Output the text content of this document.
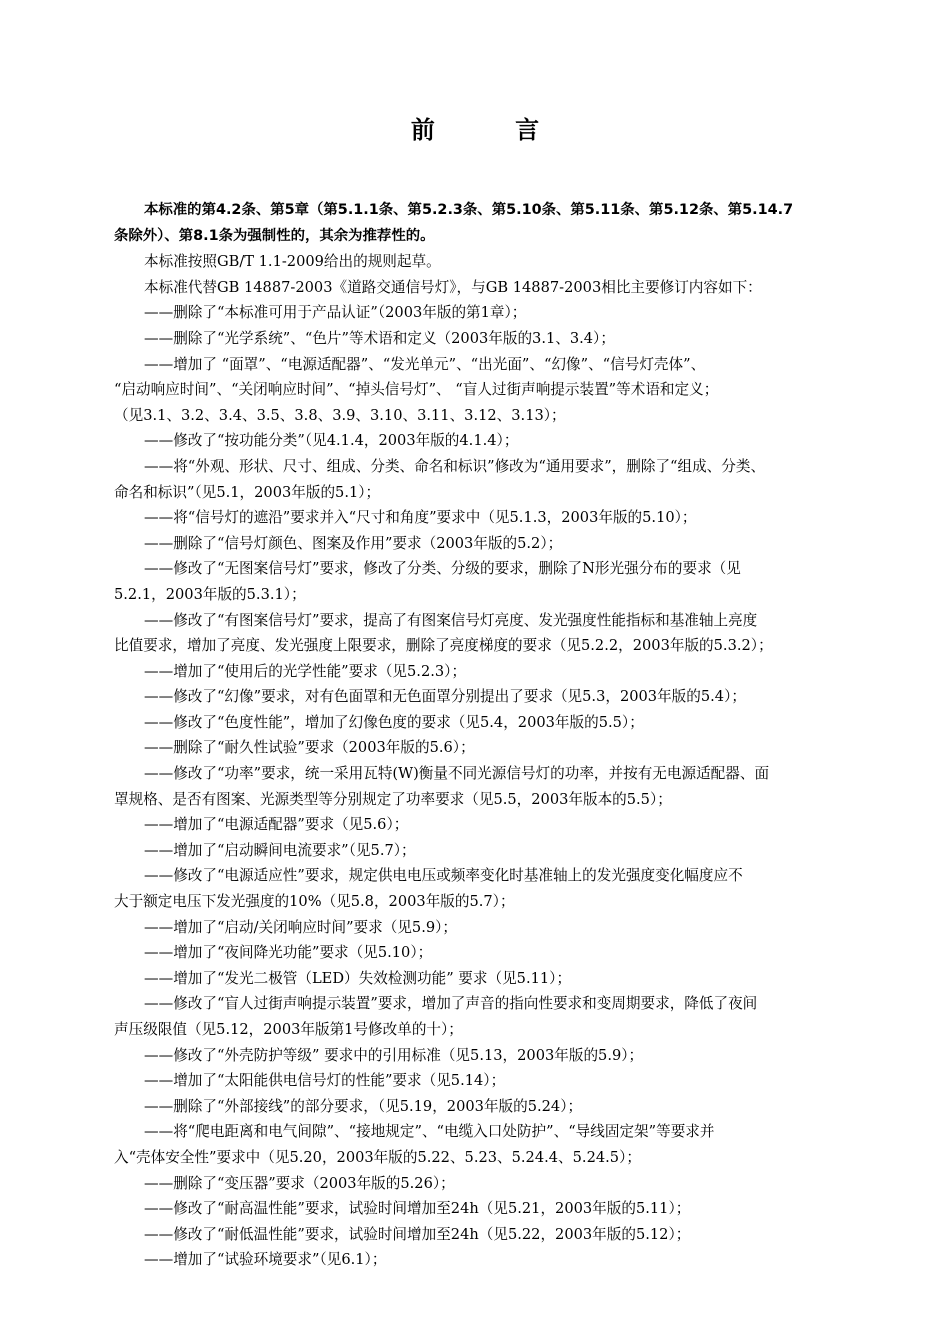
前 言

本标准的第4.2条、第5章（第5.1.1条、第5.2.3条、第5.10条、第5.11条、第5.12条、第5.14.7

条除外）、第8.1条为强制性的，其余为推荐性的。

本标准按照GB/T 1.1-2009给出的规则起草。

本标准代替GB 14887-2003《道路交通信号灯》，与GB 14887-2003相比主要修订内容如下：

——删除了“本标准可用于产品认证”（2003年版的第1章）；

——删除了“光学系统”、“色片”等术语和定义（2003年版的3.1、3.4）；

——增加了 “面罩”、“电源适配器”、“发光单元”、“出光面”、“幻像”、“信号灯壳体”、

“启动响应时间”、“关闭响应时间”、“掉头信号灯”、 “盲人过街声响提示装置”等术语和定义；

（见3.1、3.2、3.4、3.5、3.8、3.9、3.10、3.11、3.12、3.13）；

——修改了“按功能分类”（见4.1.4，2003年版的4.1.4）；

——将“外观、形状、尺寸、组成、分类、命名和标识”修改为“通用要求”，删除了“组成、分类、

命名和标识”（见5.1，2003年版的5.1）；

——将“信号灯的遮沿”要求并入“尺寸和角度”要求中（见5.1.3，2003年版的5.10）；

——删除了“信号灯颜色、图案及作用”要求（2003年版的5.2）；

——修改了“无图案信号灯”要求，修改了分类、分级的要求，删除了N形光强分布的要求（见

5.2.1，2003年版的5.3.1）；

——修改了“有图案信号灯”要求，提高了有图案信号灯亮度、发光强度性能指标和基准轴上亮度

比值要求，增加了亮度、发光强度上限要求，删除了亮度梯度的要求（见5.2.2，2003年版的5.3.2）；

——增加了“使用后的光学性能”要求（见5.2.3）；

——修改了“幻像”要求，对有色面罩和无色面罩分别提出了要求（见5.3，2003年版的5.4）；

——修改了“色度性能”，增加了幻像色度的要求（见5.4，2003年版的5.5）；

——删除了“耐久性试验”要求（2003年版的5.6）；

——修改了“功率”要求，统一采用瓦特(W)衡量不同光源信号灯的功率，并按有无电源适配器、面

罩规格、是否有图案、光源类型等分别规定了功率要求（见5.5，2003年版本的5.5）；

——增加了“电源适配器”要求（见5.6）；

——增加了“启动瞬间电流要求”（见5.7）；

——修改了“电源适应性”要求，规定供电电压或频率变化时基准轴上的发光强度变化幅度应不

大于额定电压下发光强度的10%（见5.8，2003年版的5.7）；

——增加了“启动/关闭响应时间”要求（见5.9）；

——增加了“夜间降光功能”要求（见5.10）；

——增加了“发光二极管（LED）失效检测功能” 要求（见5.11）；

——修改了“盲人过街声响提示装置”要求，增加了声音的指向性要求和变周期要求，降低了夜间

声压级限值（见5.12，2003年版第1号修改单的十）；

——修改了“外壳防护等级” 要求中的引用标准（见5.13，2003年版的5.9）；

——增加了“太阳能供电信号灯的性能”要求（见5.14）；

——删除了“外部接线”的部分要求，（见5.19，2003年版的5.24）；

——将“爬电距离和电气间隙”、“接地规定”、“电缆入口处防护”、“导线固定架”等要求并

入“壳体安全性”要求中（见5.20，2003年版的5.22、5.23、5.24.4、5.24.5）；

——删除了“变压器”要求（2003年版的5.26）；

——修改了“耐高温性能”要求，试验时间增加至24h（见5.21，2003年版的5.11）；

——修改了“耐低温性能”要求，试验时间增加至24h（见5.22，2003年版的5.12）；

——增加了“试验环境要求”（见6.1）；
